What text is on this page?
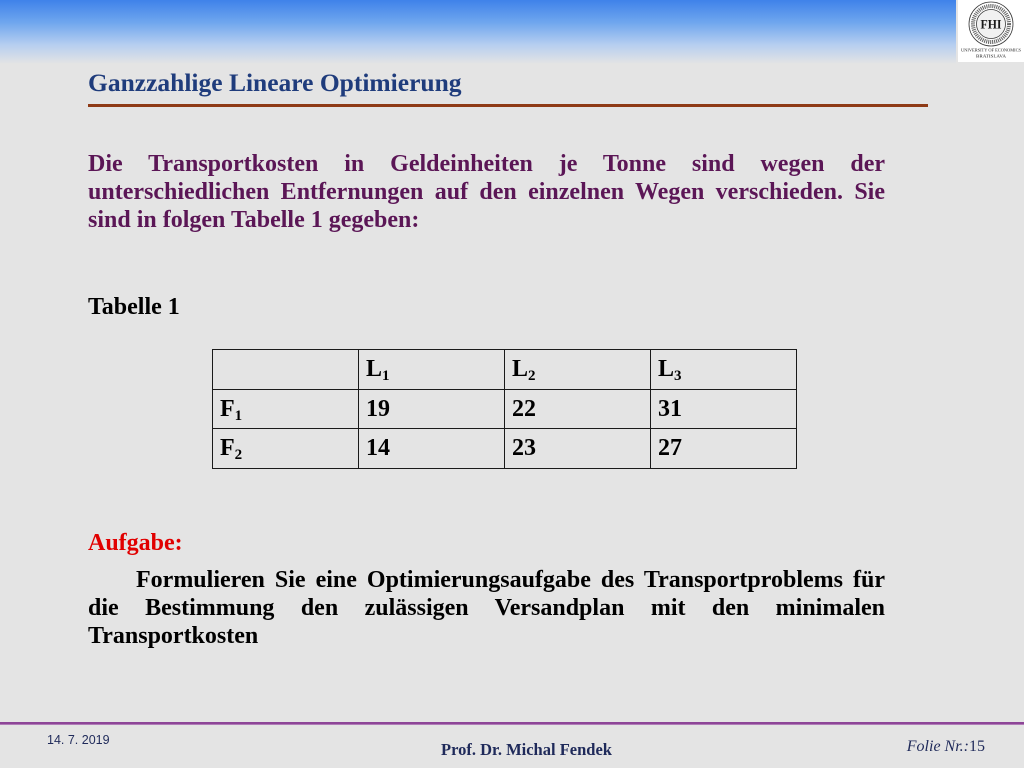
FHI
UNIVERSITY OF ECONOMICS
BRATISLAVA
Ganzzahlige Lineare Optimierung

Die Transportkosten in Geldeinheiten je Tonne sind wegen der unterschiedlichen Entfernungen auf den einzelnen Wegen verschieden. Sie sind in folgen Tabelle 1 gegeben:

Tabelle 1
	$L_1$	$L_2$	$L_3$
$F_1$	19	22	31
$F_2$	14	23	27
Aufgabe:

Formulieren Sie eine Optimierungsaufgabe des Transportproblems für die Bestimmung den zulässigen Versandplan mit den minimalen Transportkosten

14. 7. 2019	Prof. Dr. Michal Fendek	Folie Nr.:15
